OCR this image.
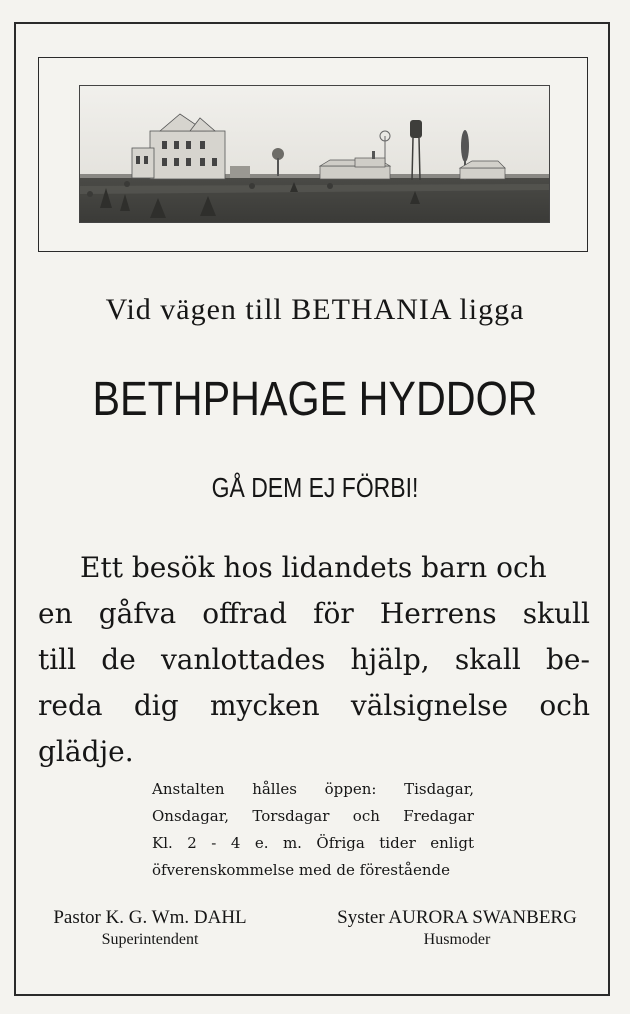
Vid vägen till BETHANIA ligga
BETHPHAGE HYDDOR
GÅ DEM EJ FÖRBI!
Ett besök hos lidandets barn och
en gåfva offrad för Herrens skull
till de vanlottades hjälp, skall be-
reda dig mycken välsignelse och
glädje.
Anstalten hålles öppen: Tisdagar,
Onsdagar, Torsdagar och Fredagar
Kl. 2 - 4 e. m. Öfriga tider enligt
öfverenskommelse med de förestående
Pastor K. G. Wm. DAHL
Superintendent
Syster AURORA SWANBERG
Husmoder
